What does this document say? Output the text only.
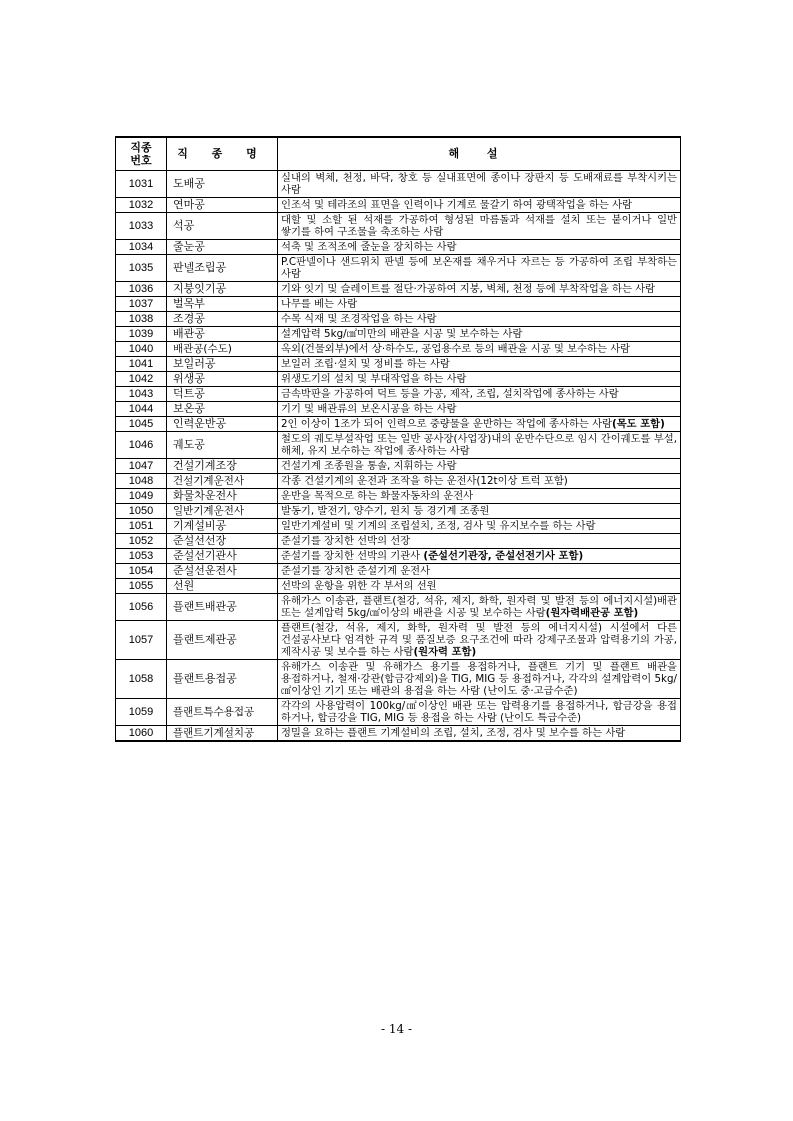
직종
번호	직 종 명	해 설
1031	도배공	실내의 벽체, 천정, 바닥, 창호 등 실내표면에 종이나 장판지 등 도배재료를 부착시키는 사람
1032	연마공	인조석 및 테라조의 표면을 인력이나 기계로 물갈기 하여 광택작업을 하는 사람
1033	석공	대할 및 소할 된 석재를 가공하여 형성된 마름돌과 석재를 설치 또는 붙이거나 일반 쌓기를 하여 구조물을 축조하는 사람
1034	줄눈공	석축 및 조적조에 줄눈을 장치하는 사람
1035	판넬조립공	P.C판넬이나 샌드위치 판넬 등에 보온재를 채우거나 자르는 등 가공하여 조립 부착하는 사람
1036	지붕잇기공	기와 잇기 및 슬레이트를 절단·가공하여 지붕, 벽체, 천정 등에 부착작업을 하는 사람
1037	벌목부	나무를 베는 사람
1038	조경공	수목 식재 및 조경작업을 하는 사람
1039	배관공	설계압력 5kg/㎠미만의 배관을 시공 및 보수하는 사람
1040	배관공(수도)	옥외(건물외부)에서 상·하수도, 공업용수로 등의 배관을 시공 및 보수하는 사람
1041	보일러공	보일러 조립·설치 및 정비를 하는 사람
1042	위생공	위생도기의 설치 및 부대작업을 하는 사람
1043	덕트공	금속박판을 가공하여 덕트 등을 가공, 제작, 조립, 설치작업에 종사하는 사람
1044	보온공	기기 및 배관류의 보온시공을 하는 사람
1045	인력운반공	2인 이상이 1조가 되어 인력으로 중량물을 운반하는 작업에 종사하는 사람(목도 포함)
1046	궤도공	철도의 궤도부설작업 또는 일반 공사장(사업장)내의 운반수단으로 임시 간이궤도를 부설, 해체, 유지 보수하는 작업에 종사하는 사람
1047	건설기계조장	건설기계 조종원을 통솔, 지휘하는 사람
1048	건설기계운전사	각종 건설기계의 운전과 조작을 하는 운전사(12t이상 트럭 포함)
1049	화물차운전사	운반을 목적으로 하는 화물자동차의 운전사
1050	일반기계운전사	발동기, 발전기, 양수기, 윈치 등 경기계 조종원
1051	기계설비공	일반기계설비 및 기계의 조립설치, 조정, 검사 및 유지보수를 하는 사람
1052	준설선선장	준설기를 장치한 선박의 선장
1053	준설선기관사	준설기를 장치한 선박의 기관사 (준설선기관장, 준설선전기사 포함)
1054	준설선운전사	준설기를 장치한 준설기계 운전사
1055	선원	선박의 운항을 위한 각 부서의 선원
1056	플랜트배관공	유해가스 이송관, 플랜트(철강, 석유, 제지, 화학, 원자력 및 발전 등의 에너지시설)배관 또는 설계압력 5kg/㎠이상의 배관을 시공 및 보수하는 사람(원자력배관공 포함)
1057	플랜트제관공	플랜트(철강, 석유, 제지, 화학, 원자력 및 발전 등의 에너지시설) 시설에서 다른 건설공사보다 엄격한 규격 및 품질보증 요구조건에 따라 강제구조물과 압력용기의 가공, 제작시공 및 보수를 하는 사람(원자력 포함)
1058	플랜트용접공	유해가스 이송관 및 유해가스 용기를 용접하거나, 플랜트 기기 및 플랜트 배관을 용접하거나, 철재·강관(합금강제외)을 TIG, MIG 등 용접하거나, 각각의 설계압력이 5kg/㎠이상인 기기 또는 배관의 용접을 하는 사람 (난이도 중·고급수준)
1059	플랜트특수용접공	각각의 사용압력이 100kg/㎠이상인 배관 또는 압력용기를 용접하거나, 합금강을 용접 하거나, 합금강을 TIG, MIG 등 용접을 하는 사람 (난이도 특급수준)
1060	플랜트기계설치공	정밀을 요하는 플랜트 기계설비의 조립, 설치, 조정, 검사 및 보수를 하는 사람
- 14 -
